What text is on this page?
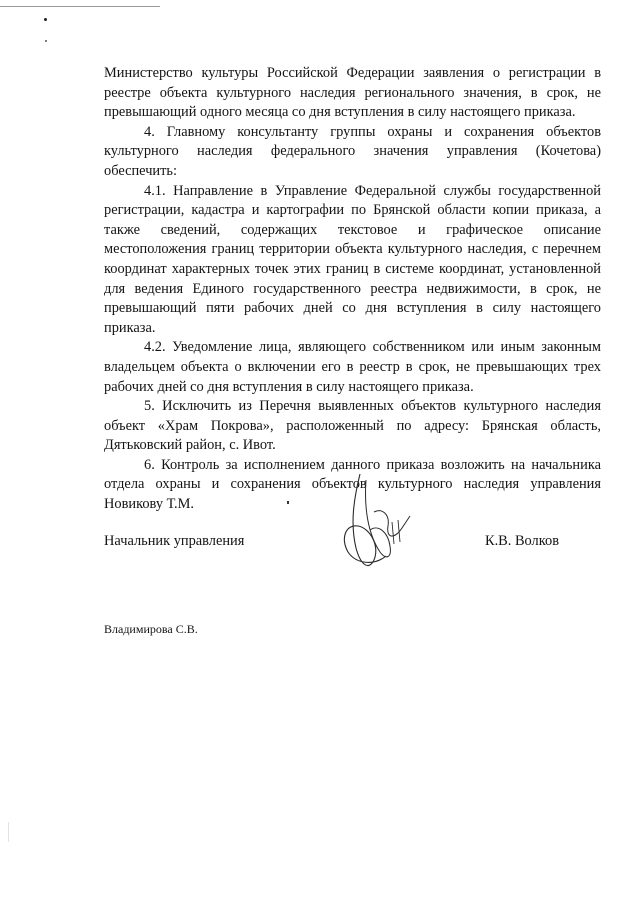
Министерство культуры Российской Федерации заявления о регистрации в реестре объекта культурного наследия регионального значения, в срок, не превышающий одного месяца со дня вступления в силу настоящего приказа.

4. Главному консультанту группы охраны и сохранения объектов культурного наследия федерального значения управления (Кочетова) обеспечить:

4.1. Направление в Управление Федеральной службы государственной регистрации, кадастра и картографии по Брянской области копии приказа, а также сведений, содержащих текстовое и графическое описание местоположения границ территории объекта культурного наследия, с перечнем координат характерных точек этих границ в системе координат, установленной для ведения Единого государственного реестра недвижимости, в срок, не превышающий пяти рабочих дней со дня вступления в силу настоящего приказа.

4.2. Уведомление лица, являющего собственником или иным законным владельцем объекта о включении его в реестр в срок, не превышающих трех рабочих дней со дня вступления в силу настоящего приказа.

5. Исключить из Перечня выявленных объектов культурного наследия объект «Храм Покрова», расположенный по адресу: Брянская область, Дятьковский район, с. Ивот.

6. Контроль за исполнением данного приказа возложить на начальника отдела охраны и сохранения объектов культурного наследия управления Новикову Т.М.

Начальник управления	К.В. Волков
Владимирова С.В.
